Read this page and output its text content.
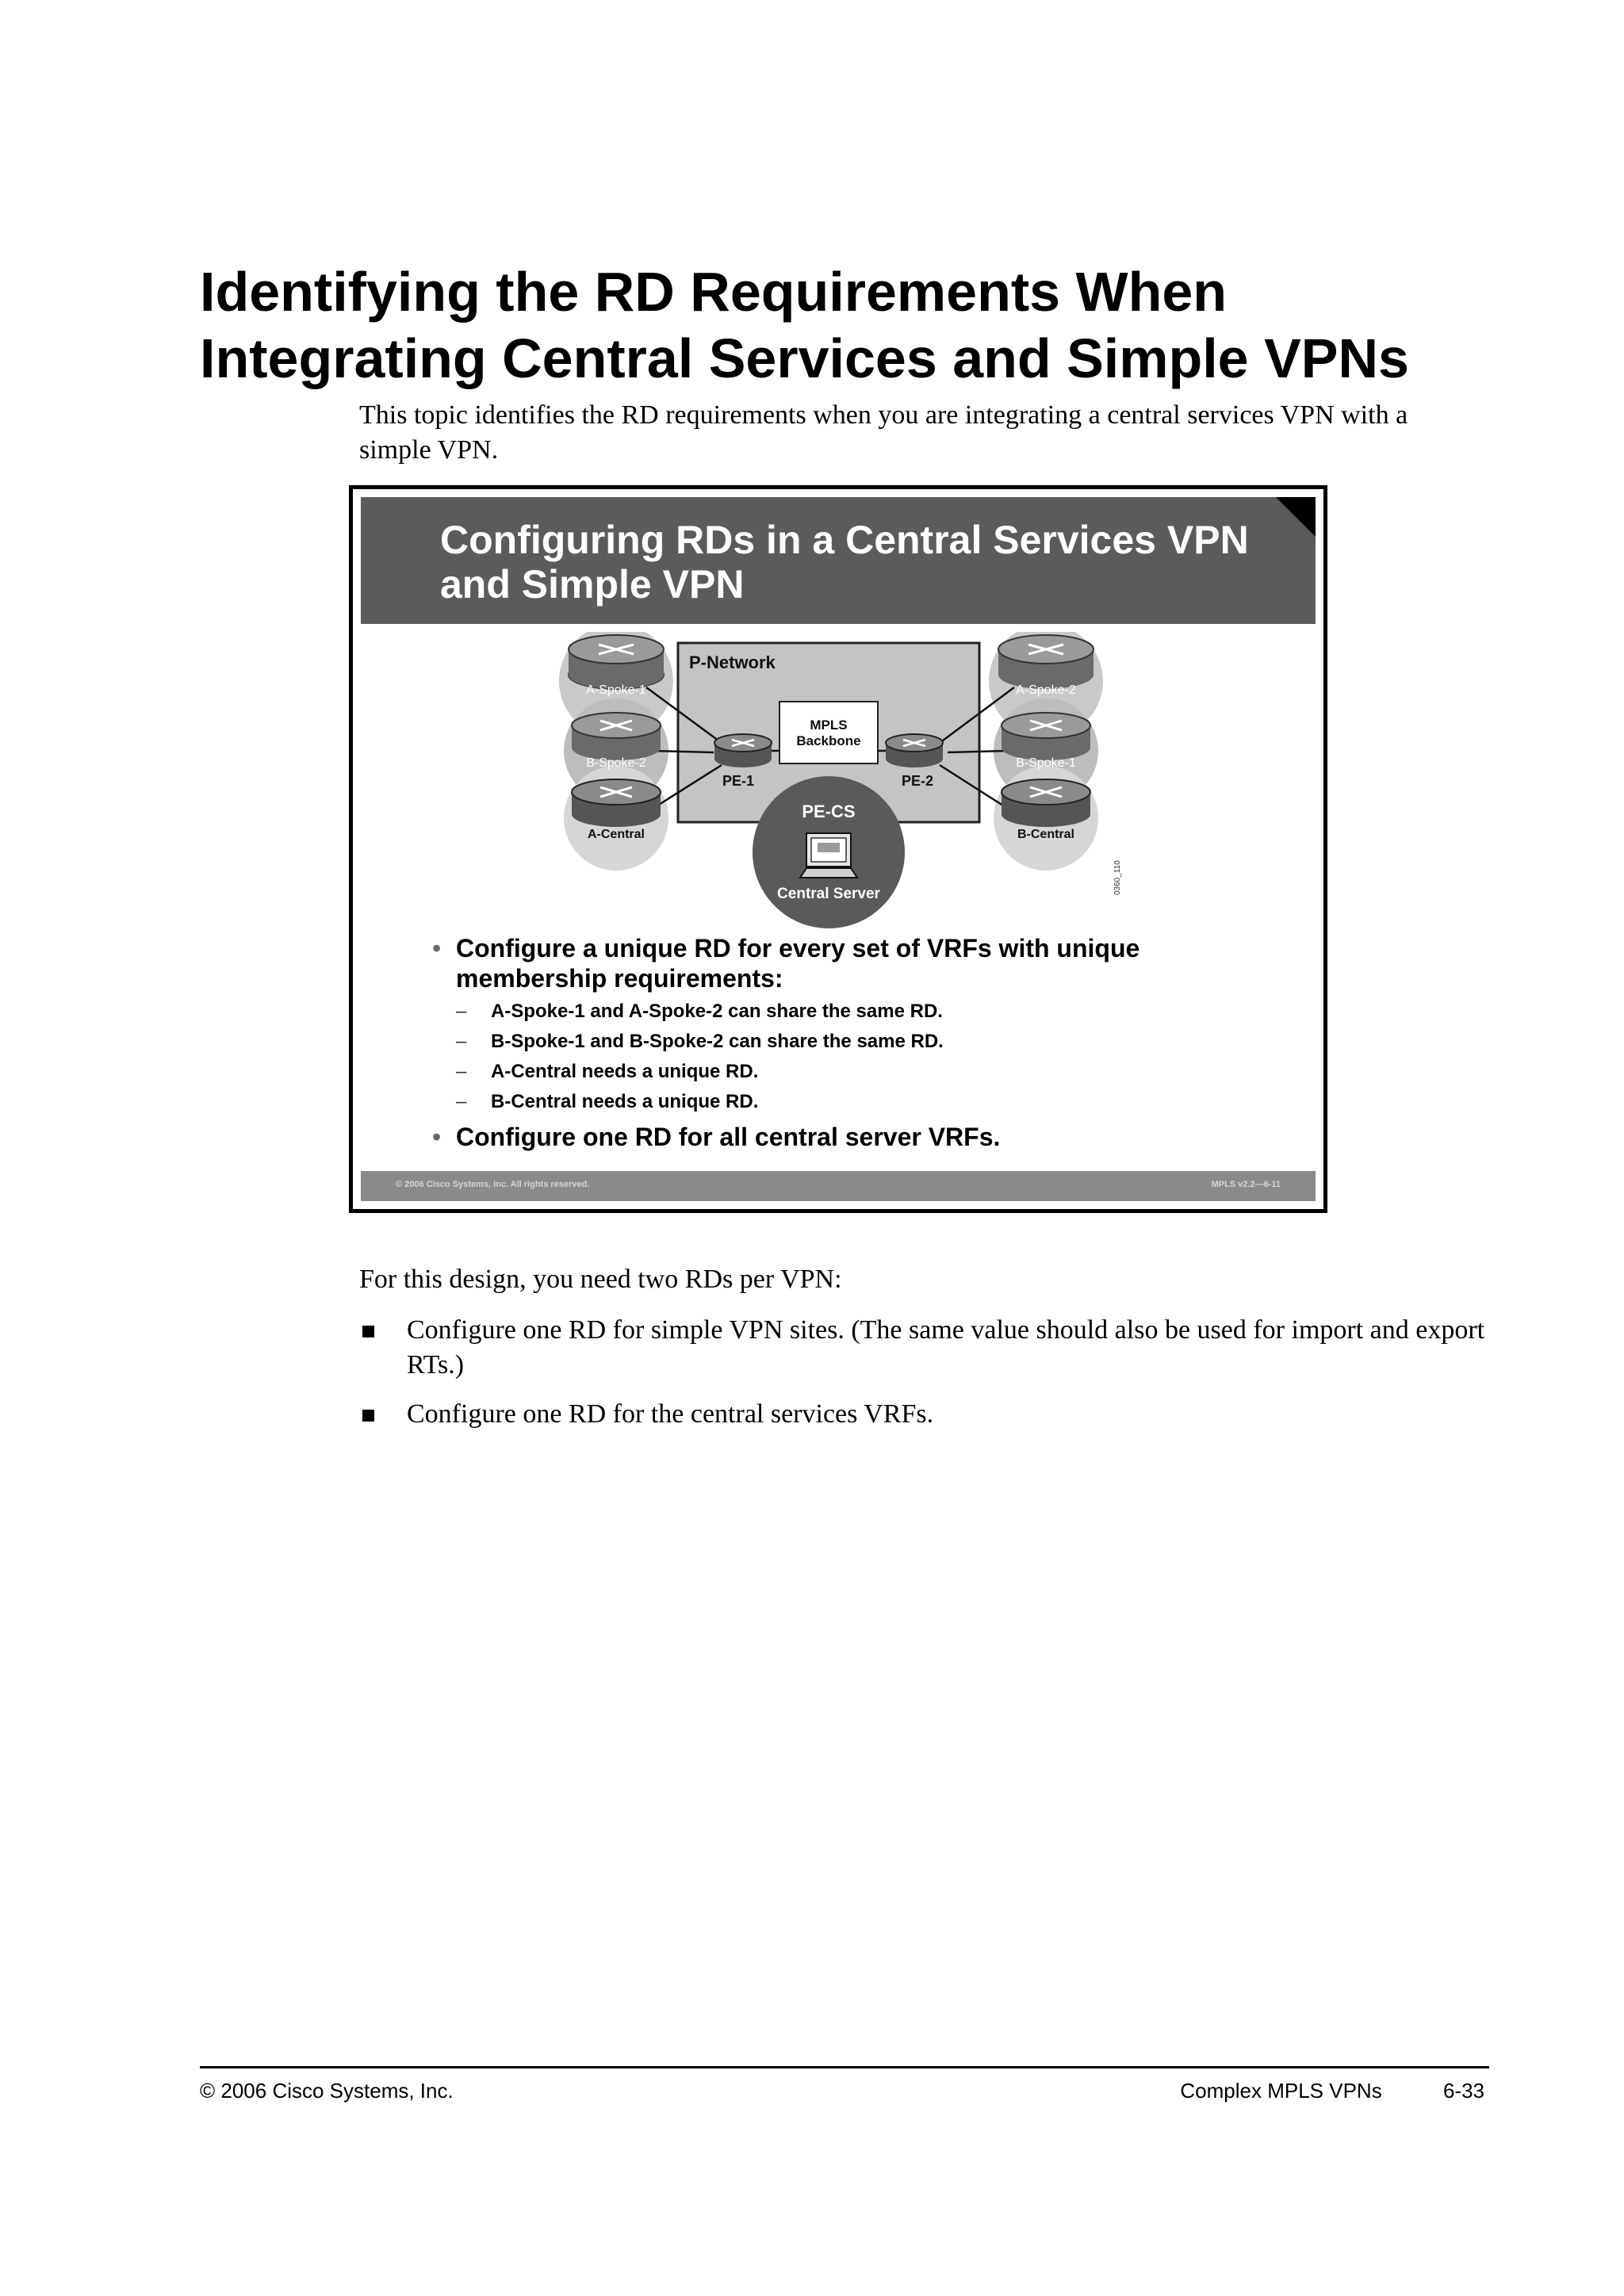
Identifying the RD Requirements When
Integrating Central Services and Simple VPNs

This topic identifies the RD requirements when you are integrating a central services VPN with a simple VPN.

Configuring RDs in a Central Services VPN
and Simple VPN
P-Network
MPLS
Backbone
PE-CS
Central Server
A-Spoke-1
B-Spoke-2
A-Central
A-Spoke-2
B-Spoke-1
B-Central
PE-1	PE-2
0360_110

• Configure a unique RD for every set of VRFs with unique membership requirements:

– A-Spoke-1 and A-Spoke-2 can share the same RD.

– B-Spoke-1 and B-Spoke-2 can share the same RD.

– A-Central needs a unique RD.

– B-Central needs a unique RD.

• Configure one RD for all central server VRFs.

© 2006 Cisco Systems, Inc. All rights reserved.	MPLS v2.2—6-11

For this design, you need two RDs per VPN:

Configure one RD for simple VPN sites. (The same value should also be used for import and export RTs.)
Configure one RD for the central services VRFs.
© 2006 Cisco Systems, Inc.	Complex MPLS VPNs	6-33
